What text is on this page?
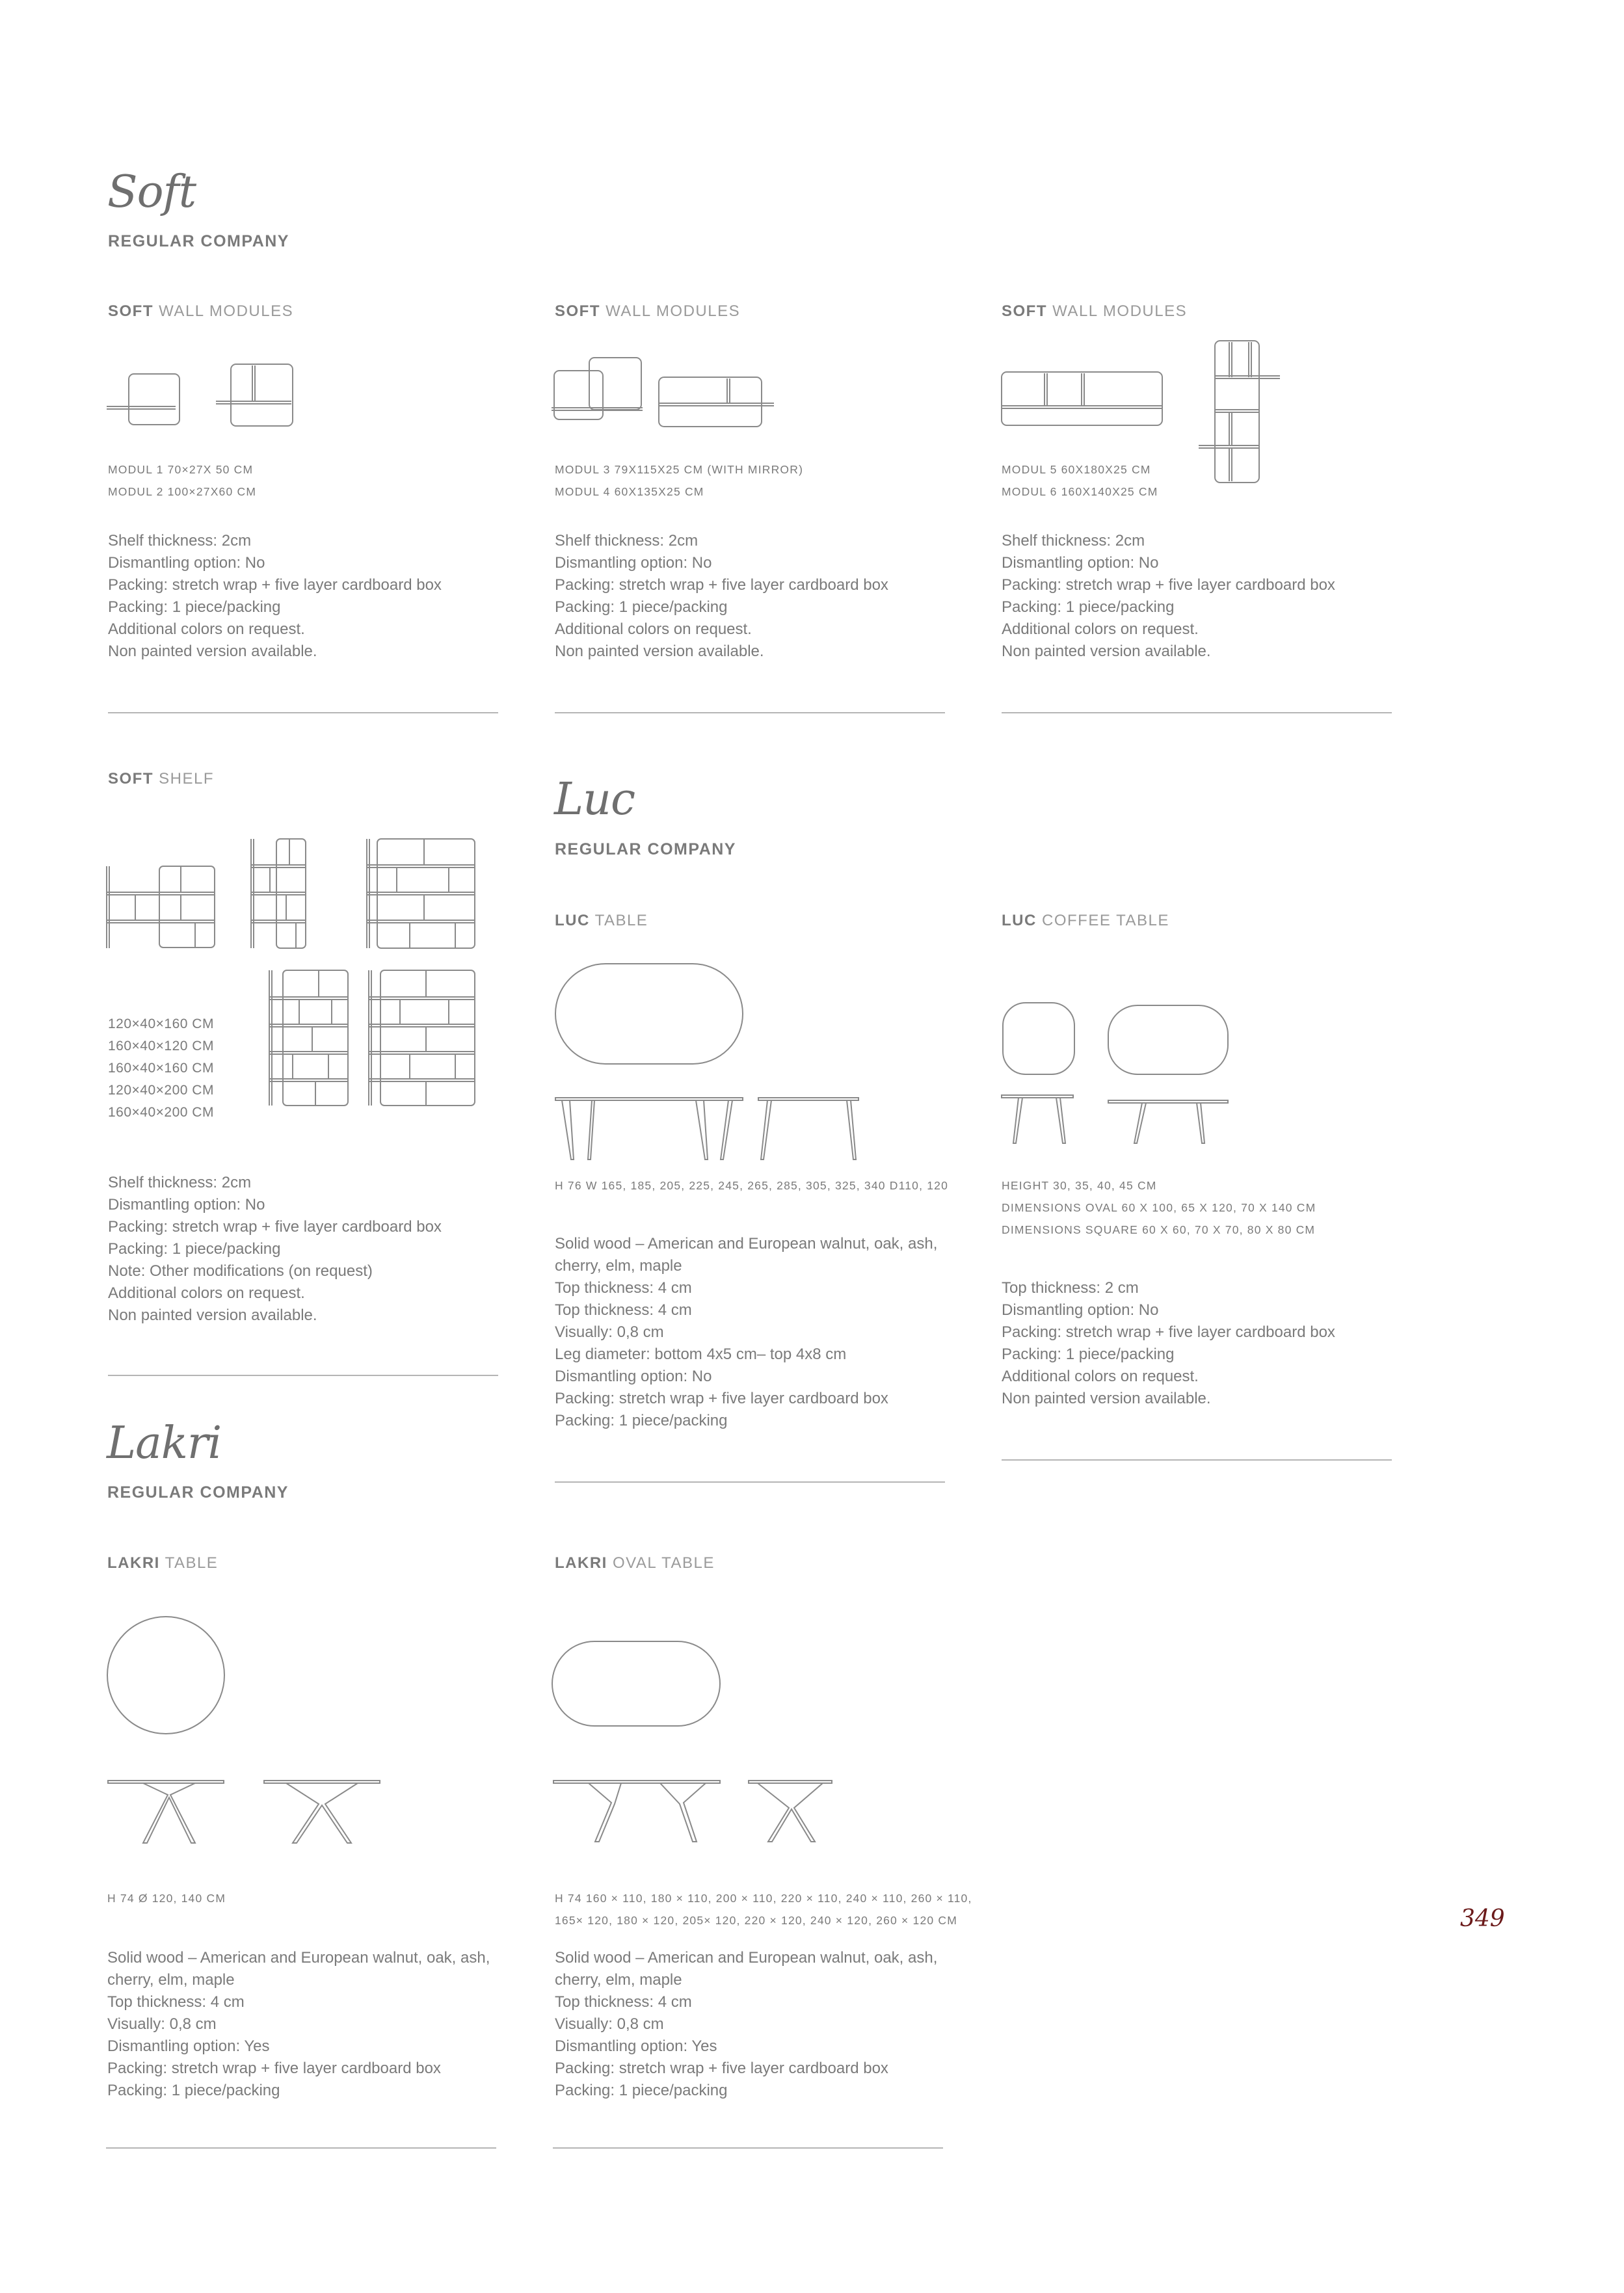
Soft
REGULAR COMPANY
SOFT WALL MODULES
MODUL 1 70×27X 50 CM
MODUL 2 100×27X60 CM
Shelf thickness: 2cm
Dismantling option: No
Packing: stretch wrap + five layer cardboard box
Packing: 1 piece/packing
Additional colors on request.
Non painted version available.
SOFT WALL MODULES
MODUL 3 79X115X25 CM (WITH MIRROR)
MODUL 4 60X135X25 CM
Shelf thickness: 2cm
Dismantling option: No
Packing: stretch wrap + five layer cardboard box
Packing: 1 piece/packing
Additional colors on request.
Non painted version available.
SOFT WALL MODULES
MODUL 5 60X180X25 CM
MODUL 6 160X140X25 CM
Shelf thickness: 2cm
Dismantling option: No
Packing: stretch wrap + five layer cardboard box
Packing: 1 piece/packing
Additional colors on request.
Non painted version available.
SOFT SHELF
120×40×160 CM
160×40×120 CM
160×40×160 CM
120×40×200 CM
160×40×200 CM
Shelf thickness: 2cm
Dismantling option: No
Packing: stretch wrap + five layer cardboard box
Packing: 1 piece/packing
Note: Other modifications (on request)
Additional colors on request.
Non painted version available.
Luc
REGULAR COMPANY
LUC TABLE
H 76 W 165, 185, 205, 225, 245, 265, 285, 305, 325, 340 D110, 120
Solid wood – American and European walnut, oak, ash,
cherry, elm, maple
Top thickness: 4 cm
Top thickness: 4 cm
Visually: 0,8 cm
Leg diameter: bottom 4x5 cm– top 4x8 cm
Dismantling option: No
Packing: stretch wrap + five layer cardboard box
Packing: 1 piece/packing
LUC COFFEE TABLE
HEIGHT 30, 35, 40, 45 CM
DIMENSIONS OVAL 60 X 100, 65 X 120, 70 X 140 CM
DIMENSIONS SQUARE 60 X 60, 70 X 70, 80 X 80 CM
Top thickness: 2 cm
Dismantling option: No
Packing: stretch wrap + five layer cardboard box
Packing: 1 piece/packing
Additional colors on request.
Non painted version available.
Lakri
REGULAR COMPANY
LAKRI TABLE
H 74 Ø 120, 140 CM
Solid wood – American and European walnut, oak, ash,
cherry, elm, maple
Top thickness: 4 cm
Visually: 0,8 cm
Dismantling option: Yes
Packing: stretch wrap + five layer cardboard box
Packing: 1 piece/packing
LAKRI OVAL TABLE
H 74 160 × 110, 180 × 110, 200 × 110, 220 × 110, 240 × 110, 260 × 110,
165× 120, 180 × 120, 205× 120, 220 × 120, 240 × 120, 260 × 120 CM
Solid wood – American and European walnut, oak, ash,
cherry, elm, maple
Top thickness: 4 cm
Visually: 0,8 cm
Dismantling option: Yes
Packing: stretch wrap + five layer cardboard box
Packing: 1 piece/packing
349
